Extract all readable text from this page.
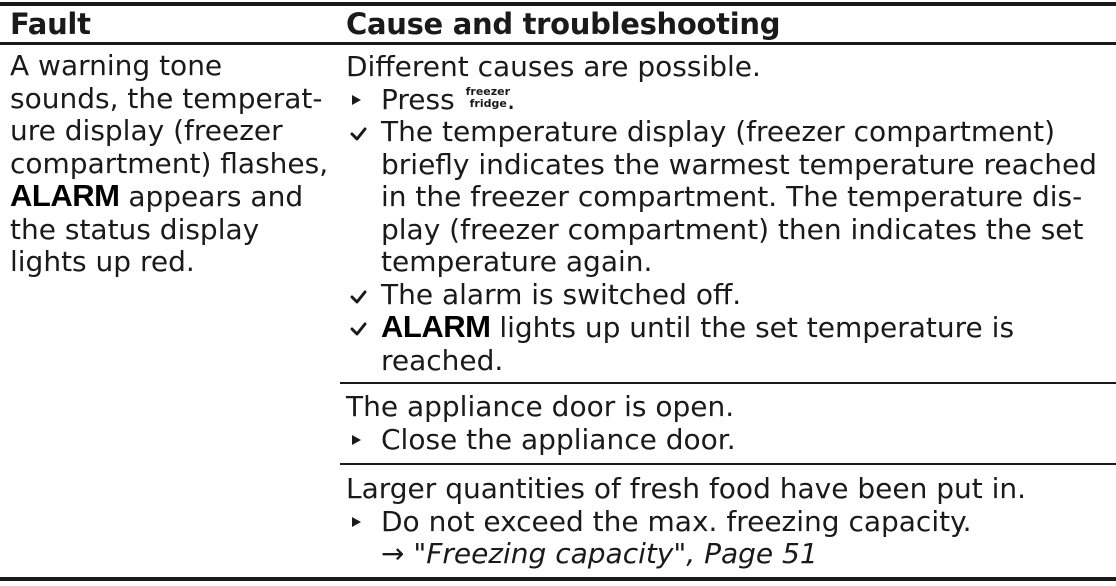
Fault	Cause and troubleshooting
A warning tone
sounds, the temperat-
ure display (freezer
compartment) flashes,
ALARM appears and
the status display
lights up red.
Different causes are possible.
Press freezer
fridge .
The temperature display (freezer compartment)
briefly indicates the warmest temperature reached
in the freezer compartment. The temperature dis-
play (freezer compartment) then indicates the set
temperature again.
The alarm is switched off.
ALARM lights up until the set temperature is
reached.
The appliance door is open.
Close the appliance door.
Larger quantities of fresh food have been put in.
Do not exceed the max. freezing capacity.
→ "Freezing capacity", Page 51
